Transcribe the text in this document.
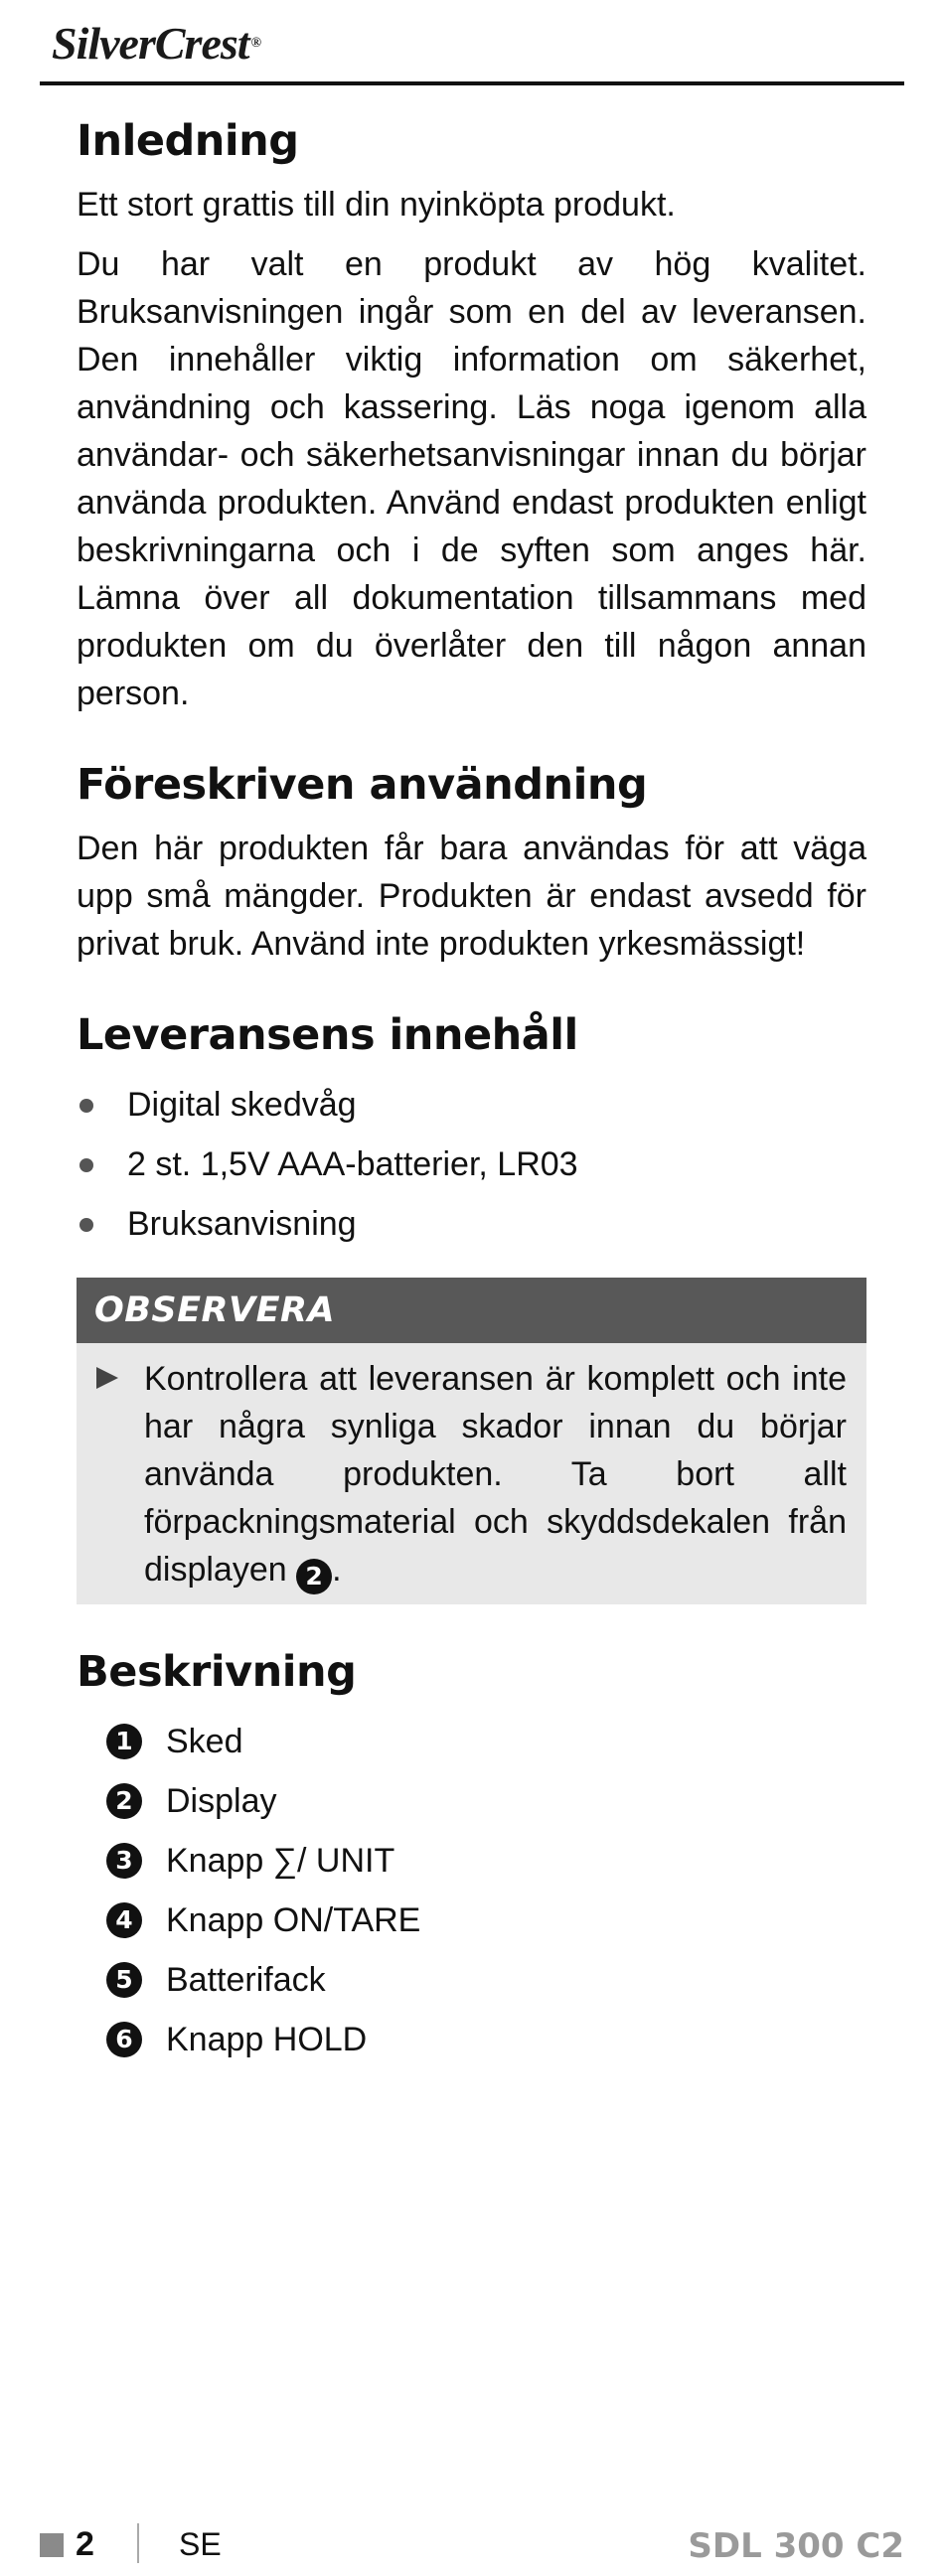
SilverCrest ®
Inledning

Ett stort grattis till din nyinköpta produkt.

Du har valt en produkt av hög kvalitet. Bruksanvisningen ingår som en del av leveransen. Den innehåller viktig information om säkerhet, användning och kassering. Läs noga igenom alla användar- och säkerhetsanvisningar innan du börjar använda produkten. Använd endast produkten enligt beskrivningarna och i de syften som anges här. Lämna över all dokumentation tillsammans med produkten om du överlåter den till någon annan person.

Föreskriven användning

Den här produkten får bara användas för att väga upp små mängder. Produkten är endast avsedd för privat bruk. Använd inte produkten yrkesmässigt!

Leveransens innehåll
Digital skedvåg
2 st. 1,5V AAA-batterier, LR03
Bruksanvisning
OBSERVERA

Kontrollera att leveransen är komplett och inte har några synliga skador innan du börjar använda produkten. Ta bort allt förpackningsmaterial och skyddsdekalen från displayen 2 .

Beskrivning
1 Sked
2 Display
3 Knapp ∑/ UNIT
4 Knapp ON/TARE
5 Batterifack
6 Knapp HOLD
2	SE	SDL 300 C2
